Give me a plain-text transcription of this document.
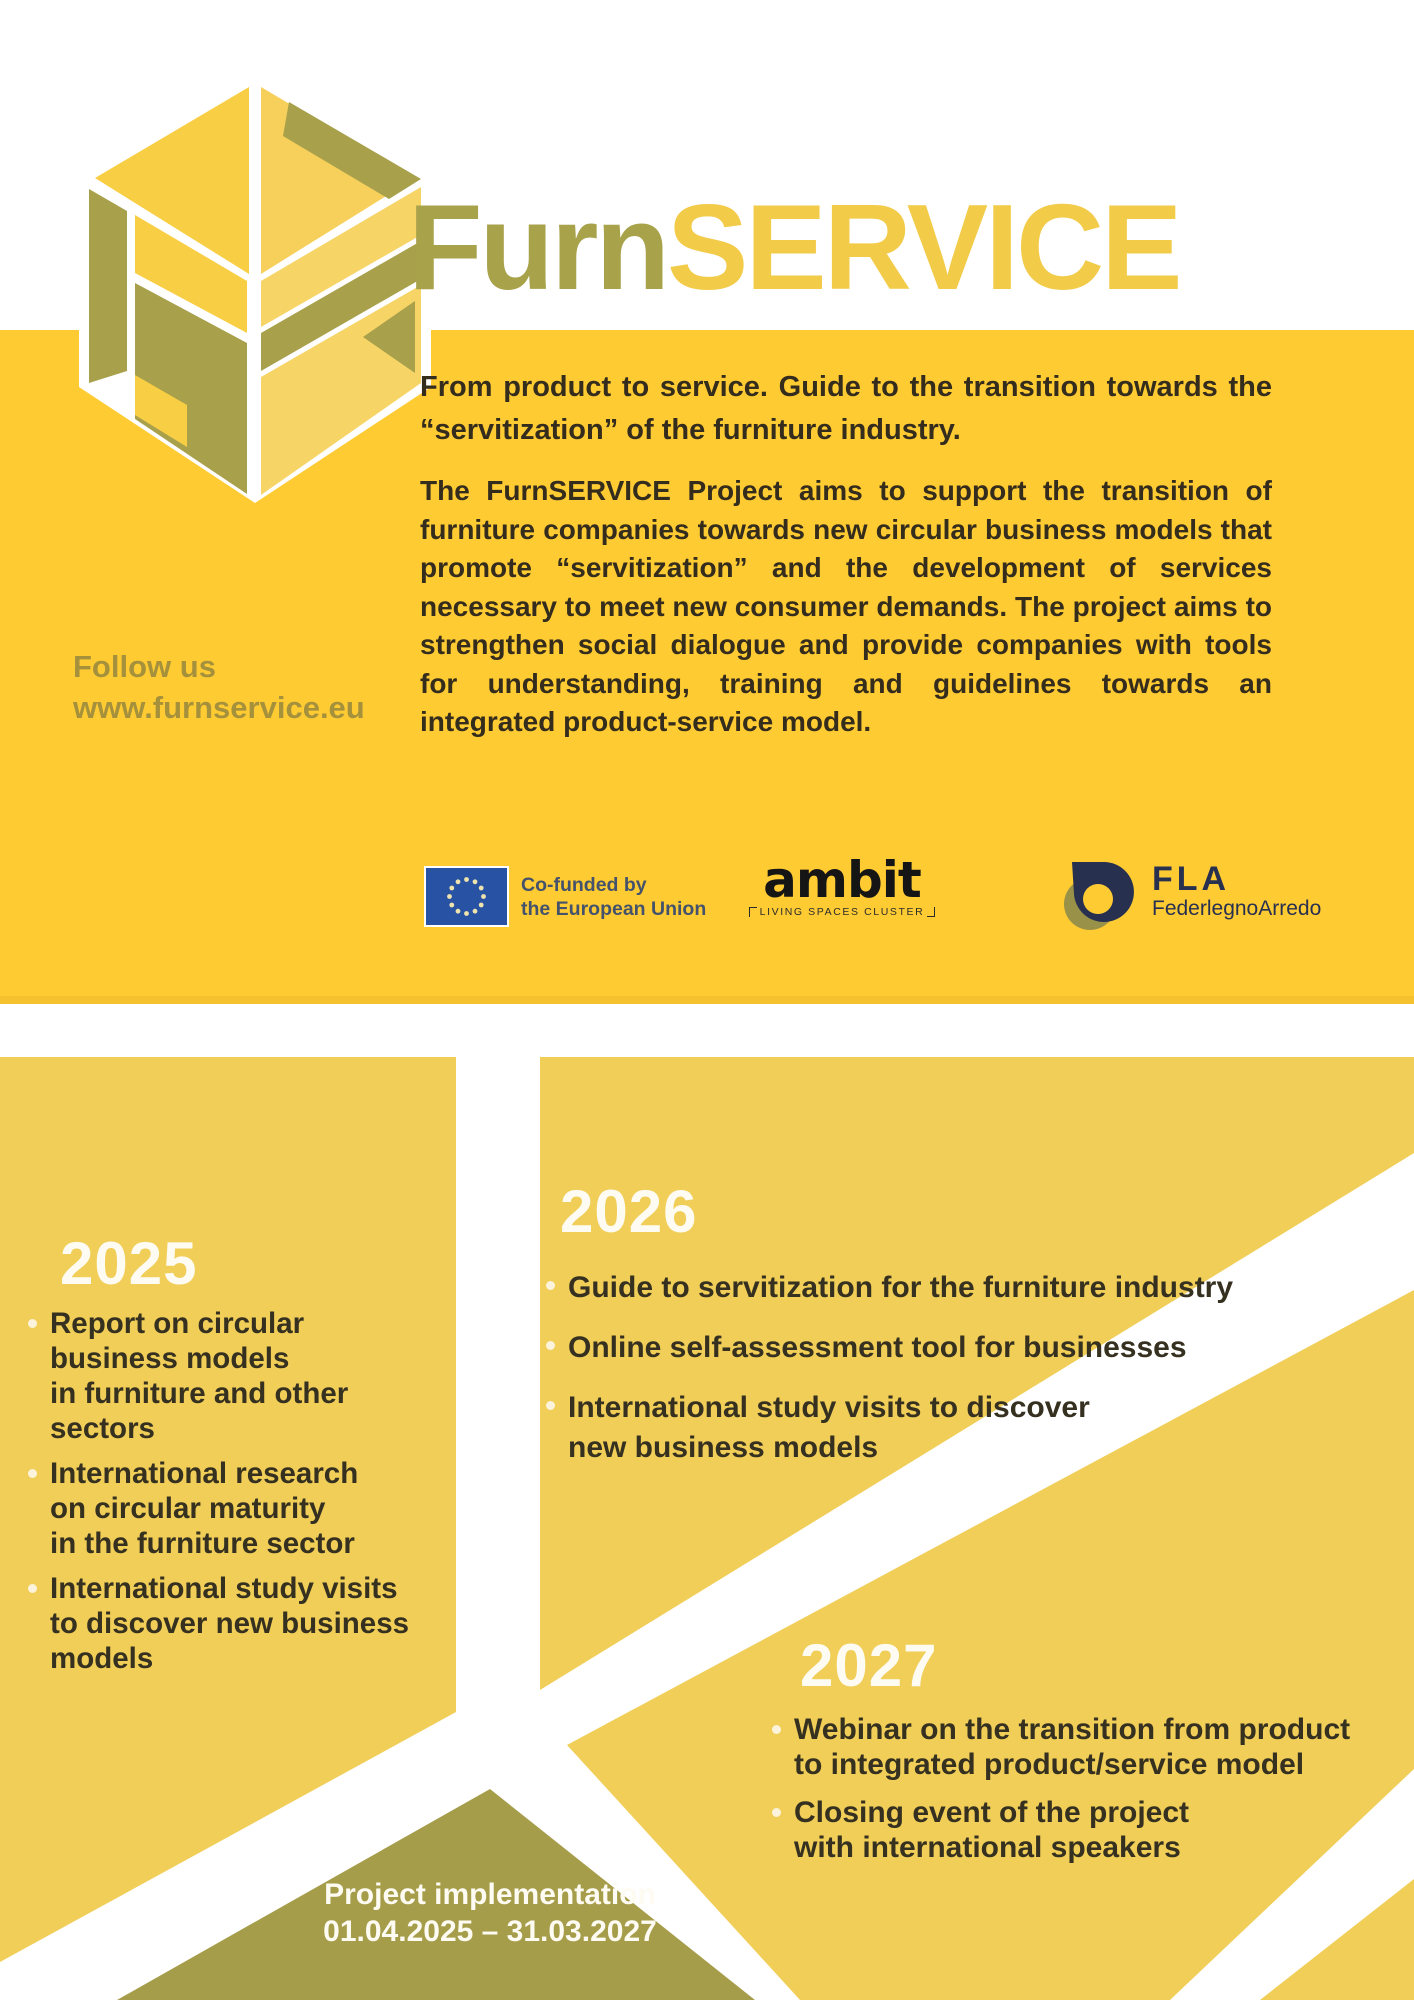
FurnSERVICE
From product to service. Guide to the transition towards the “servitization” of the furniture industry.
The FurnSERVICE Project aims to support the transition of furniture companies towards new circular business models that promote “servitization” and the development of services necessary to meet new consumer demands. The project aims to strengthen social dialogue and provide companies with tools for understanding, training and guidelines towards an integrated product-service model.
Follow us
www.furnservice.eu
Co-funded by
the European Union	ambit
LIVING SPACES CLUSTER
FLA
FederlegnoArredo
2025
Report on circular
business models
in furniture and other
sectors
International research
on circular maturity
in the furniture sector
International study visits
to discover new business
models
2026
Guide to servitization for the furniture industry
Online self-assessment tool for businesses
International study visits to discover
new business models
2027
Webinar on the transition from product
to integrated product/service model
Closing event of the project
with international speakers
Project implementation
01.04.2025 – 31.03.2027
